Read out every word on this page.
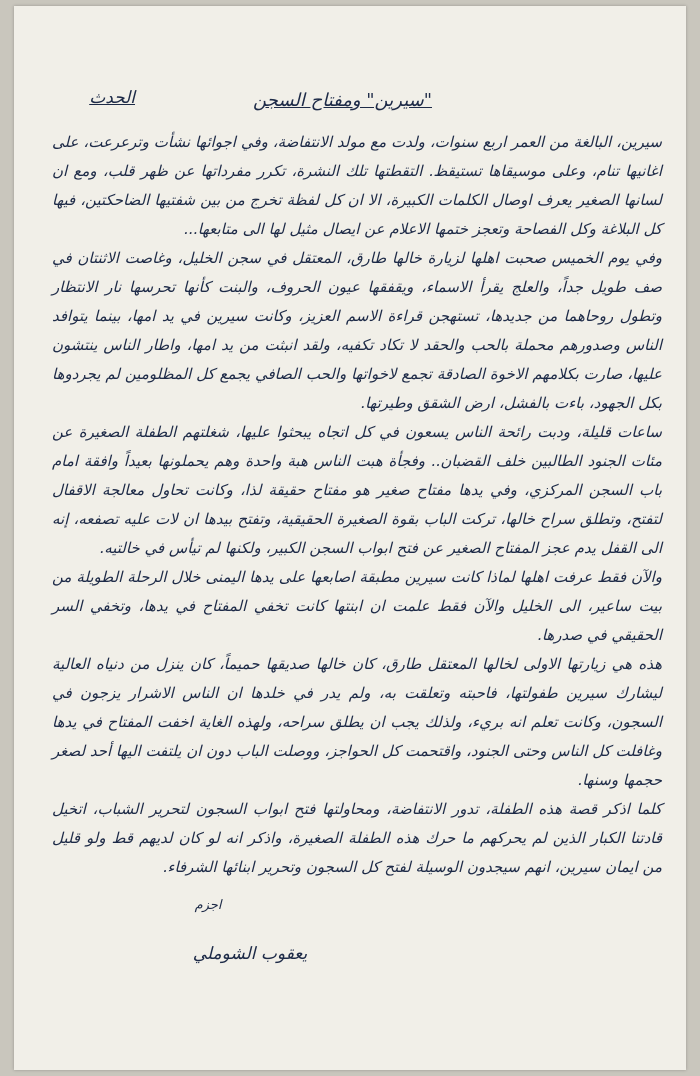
الحدث	"سيرين" ومفتاح السجن

سيرين، البالغة من العمر اربع سنوات، ولدت مع مولد الانتفاضة، وفي اجوائها نشأت وترعرعت، على اغانيها تنام، وعلى موسيقاها تستيقظ. التقطتها تلك النشرة، تكرر مفرداتها عن ظهر قلب، ومع ان لسانها الصغير يعرف اوصال الكلمات الكبيرة، الا ان كل لفظة تخرج من بين شفتيها الضاحكتين، فيها كل البلاغة وكل الفصاحة وتعجز ختمها الاعلام عن ايصال مثيل لها الى متابعها...

وفي يوم الخميس صحبت اهلها لزيارة خالها طارق، المعتقل في سجن الخليل، وغاصت الاثنتان في صف طويل جداً، والعلج يقرأ الاسماء، ويقفقها عيون الحروف، والبنت كأنها تحرسها نار الانتظار وتطول روحاهما من جديدها، تستهجن قراءة الاسم العزيز، وكانت سيرين في يد امها، بينما يتوافد الناس وصدورهم محملة بالحب والحقد لا تكاد تكفيه، ولقد انبثت من يد امها، واطار الناس ينتشون عليها، صارت بكلامهم الاخوة الصادقة تجمع لاخواتها والحب الصافي يجمع كل المظلومين لم يجردوها بكل الجهود، باءت بالفشل، ارض الشقق وطيرتها.

ساعات قليلة، ودبت رائحة الناس يسعون في كل اتجاه يبحثوا عليها، شغلتهم الطفلة الصغيرة عن مئات الجنود الطالبين خلف القضبان.. وفجأة هبت الناس هبة واحدة وهم يحملونها بعيداً وافقة امام باب السجن المركزي، وفي يدها مفتاح صغير هو مفتاح حقيقة لذا، وكانت تحاول معالجة الاقفال لتفتح، وتطلق سراح خالها، تركت الباب بقوة الصغيرة الحقيقية، وتفتح بيدها ان لات عليه تصفعه، إنه الى القفل يدم عجز المفتاح الصغير عن فتح ابواب السجن الكبير، ولكنها لم تيأس في خالتيه.

والآن فقط عرفت اهلها لماذا كانت سيرين مطبقة اصابعها على يدها اليمنى خلال الرحلة الطويلة من بيت ساعير، الى الخليل والآن فقط علمت ان ابنتها كانت تخفي المفتاح في يدها، وتخفي السر الحقيقي في صدرها.

هذه هي زيارتها الاولى لخالها المعتقل طارق، كان خالها صديقها حميماً، كان ينزل من دنياه العالية ليشارك سيرين طفولتها، فاحبته وتعلقت به، ولم يدر في خلدها ان الناس الاشرار يزجون في السجون، وكانت تعلم انه بريء، ولذلك يجب ان يطلق سراحه، ولهذه الغاية اخفت المفتاح في يدها وغافلت كل الناس وحتى الجنود، واقتحمت كل الحواجز، ووصلت الباب دون ان يلتفت اليها أحد لصغر حجمها وسنها.

كلما اذكر قصة هذه الطفلة، تدور الانتفاضة، ومحاولتها فتح ابواب السجون لتحرير الشباب، اتخيل قادتنا الكبار الذين لم يحركهم ما حرك هذه الطفلة الصغيرة، واذكر انه لو كان لديهم قط ولو قليل من ايمان سيرين، انهم سيجدون الوسيلة لفتح كل السجون وتحرير ابنائها الشرفاء.

اجزم
يعقوب الشوملي
